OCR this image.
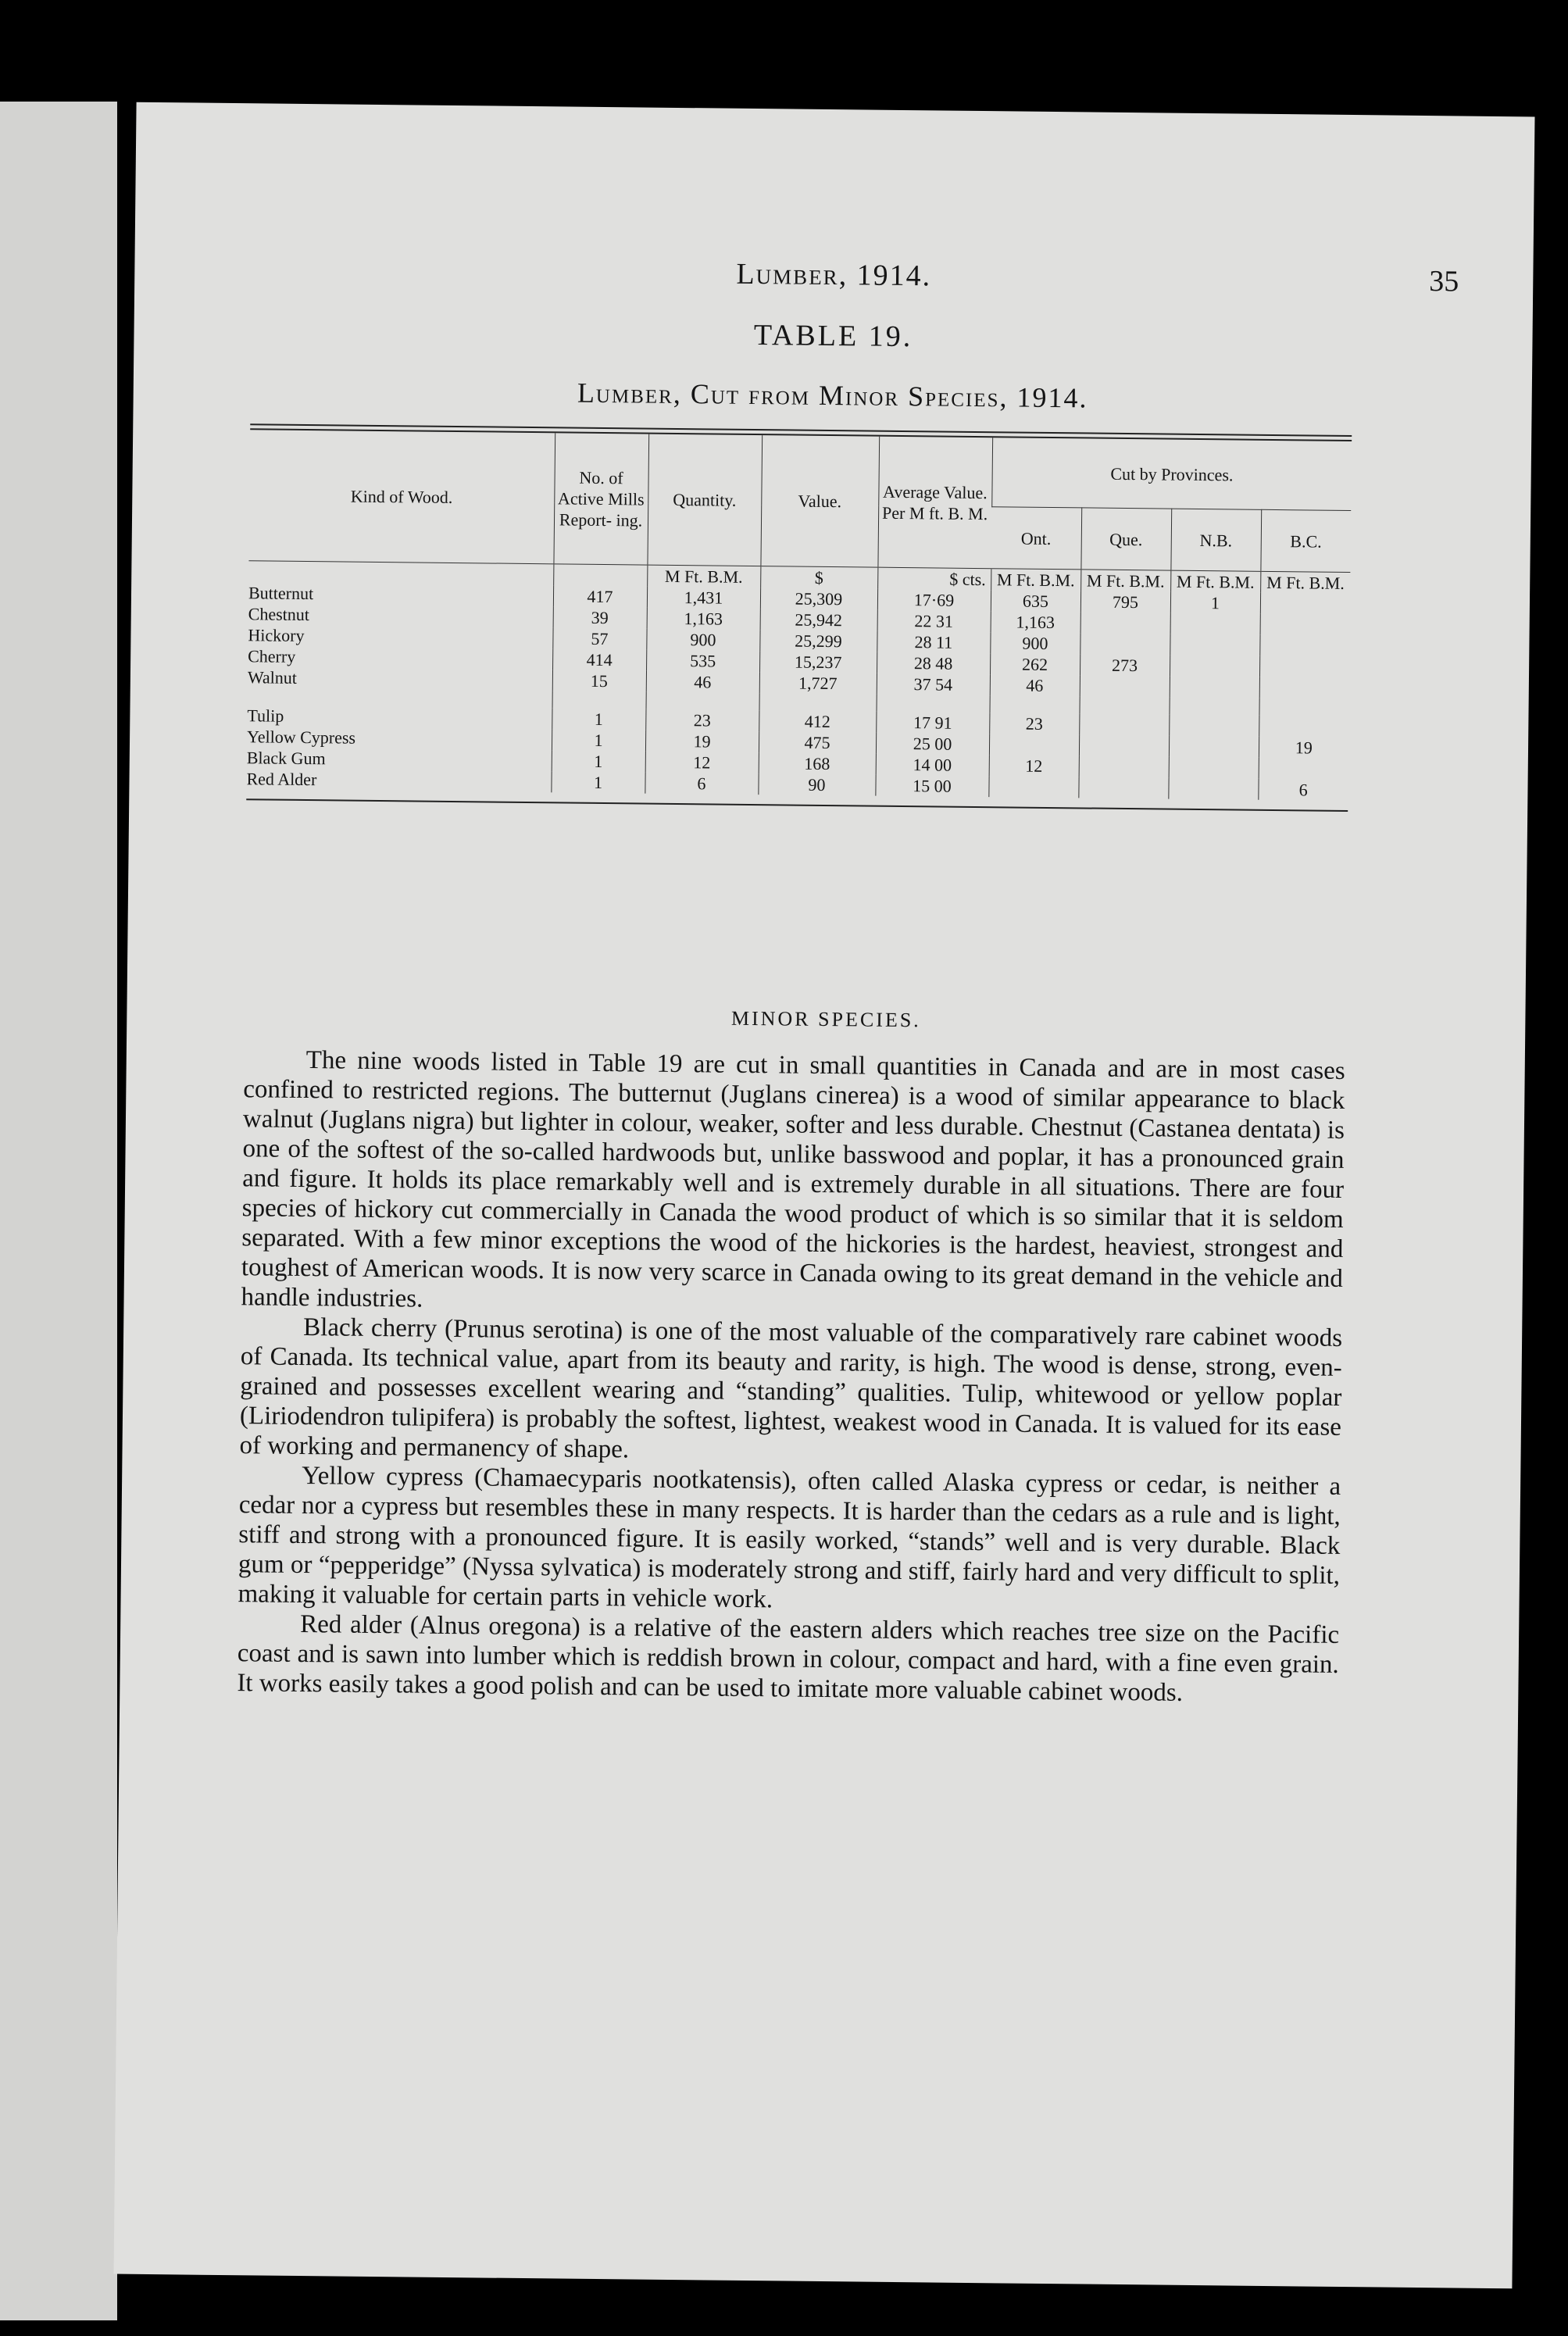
Lumber, 1914.	35
TABLE 19.
Lumber, Cut from Minor Species, 1914.
Kind of Wood.	No. of Active Mills Report- ing.	Quantity.	Value.	Average Value. Per M ft. B. M.	Cut by Provinces.			
					Ont.	Que.	N.B.	B.C.
		M Ft. B.M.	$	$ cts.	M Ft. B.M.	M Ft. B.M.	M Ft. B.M.	M Ft. B.M.
Butternut	417	1,431	25,309	17·69	635	795	1	
Chestnut	39	1,163	25,942	22 31	1,163			
Hickory	57	900	25,299	28 11	900			
Cherry	414	535	15,237	28 48	262	273		
Walnut	15	46	1,727	37 54	46			

Tulip	1	23	412	17 91	23			
Yellow Cypress	1	19	475	25 00				19
Black Gum	1	12	168	14 00	12			
Red Alder	1	6	90	15 00				6
MINOR SPECIES.

The nine woods listed in Table 19 are cut in small quantities in Canada and are in most cases confined to restricted regions. The butternut (Juglans cinerea) is a wood of similar appearance to black walnut (Juglans nigra) but lighter in colour, weaker, softer and less durable. Chestnut (Castanea dentata) is one of the softest of the so-called hardwoods but, unlike basswood and poplar, it has a pronounced grain and figure. It holds its place remarkably well and is extremely durable in all situations. There are four species of hickory cut commercially in Canada the wood product of which is so similar that it is seldom separated. With a few minor exceptions the wood of the hickories is the hardest, heaviest, strongest and toughest of American woods. It is now very scarce in Canada owing to its great demand in the vehicle and handle industries.

Black cherry (Prunus serotina) is one of the most valuable of the comparatively rare cabinet woods of Canada. Its technical value, apart from its beauty and rarity, is high. The wood is dense, strong, even-grained and possesses excellent wearing and “standing” qualities. Tulip, whitewood or yellow poplar (Liriodendron tulipifera) is probably the softest, lightest, weakest wood in Canada. It is valued for its ease of working and permanency of shape.

Yellow cypress (Chamaecyparis nootkatensis), often called Alaska cypress or cedar, is neither a cedar nor a cypress but resembles these in many respects. It is harder than the cedars as a rule and is light, stiff and strong with a pronounced figure. It is easily worked, “stands” well and is very durable. Black gum or “pepperidge” (Nyssa sylvatica) is moderately strong and stiff, fairly hard and very difficult to split, making it valuable for certain parts in vehicle work.

Red alder (Alnus oregona) is a relative of the eastern alders which reaches tree size on the Pacific coast and is sawn into lumber which is reddish brown in colour, compact and hard, with a fine even grain. It works easily takes a good polish and can be used to imitate more valuable cabinet woods.
